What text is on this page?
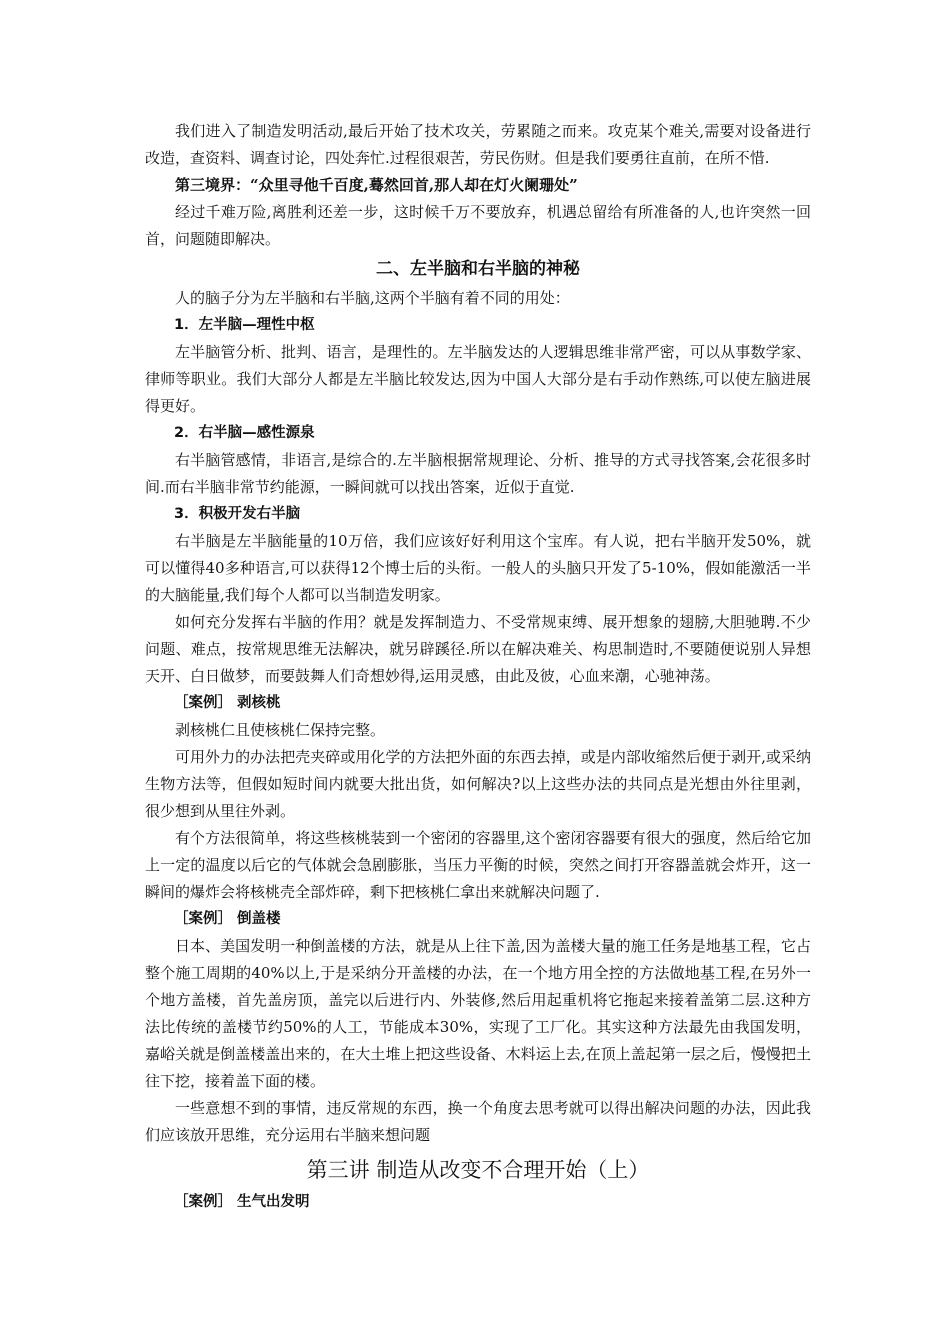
我们进入了制造发明活动,最后开始了技术攻关，劳累随之而来。攻克某个难关,需要对设备进行改造，查资料、调查讨论，四处奔忙.过程很艰苦，劳民伤财。但是我们要勇往直前，在所不惜.

第三境界：“众里寻他千百度,蓦然回首,那人却在灯火阑珊处”

经过千难万险,离胜利还差一步，这时候千万不要放弃，机遇总留给有所准备的人,也许突然一回首，问题随即解决。

二、左半脑和右半脑的神秘

人的脑子分为左半脑和右半脑,这两个半脑有着不同的用处：

1．左半脑—理性中枢

左半脑管分析、批判、语言，是理性的。左半脑发达的人逻辑思维非常严密，可以从事数学家、律师等职业。我们大部分人都是左半脑比较发达,因为中国人大部分是右手动作熟练,可以使左脑进展得更好。

2．右半脑—感性源泉

右半脑管感情，非语言,是综合的.左半脑根据常规理论、分析、推导的方式寻找答案,会花很多时间.而右半脑非常节约能源，一瞬间就可以找出答案，近似于直觉.

3．积极开发右半脑

右半脑是左半脑能量的10万倍，我们应该好好利用这个宝库。有人说，把右半脑开发50%，就可以懂得40多种语言,可以获得12个博士后的头衔。一般人的头脑只开发了5-10%，假如能激活一半的大脑能量,我们每个人都可以当制造发明家。

如何充分发挥右半脑的作用？就是发挥制造力、不受常规束缚、展开想象的翅膀,大胆驰聘.不少问题、难点，按常规思维无法解决，就另辟蹊径.所以在解决难关、构思制造时,不要随便说别人异想天开、白日做梦，而要鼓舞人们奇想妙得,运用灵感，由此及彼，心血来潮，心驰神荡。

［案例］ 剥核桃

剥核桃仁且使核桃仁保持完整。

可用外力的办法把壳夹碎或用化学的方法把外面的东西去掉，或是内部收缩然后便于剥开,或采纳生物方法等，但假如短时间内就要大批出货，如何解决?以上这些办法的共同点是光想由外往里剥，很少想到从里往外剥。

有个方法很简单，将这些核桃装到一个密闭的容器里,这个密闭容器要有很大的强度，然后给它加上一定的温度以后它的气体就会急剧膨胀，当压力平衡的时候，突然之间打开容器盖就会炸开，这一瞬间的爆炸会将核桃壳全部炸碎，剩下把核桃仁拿出来就解决问题了.

［案例］ 倒盖楼

日本、美国发明一种倒盖楼的方法，就是从上往下盖,因为盖楼大量的施工任务是地基工程，它占整个施工周期的40%以上,于是采纳分开盖楼的办法，在一个地方用全控的方法做地基工程,在另外一个地方盖楼，首先盖房顶，盖完以后进行内、外装修,然后用起重机将它拖起来接着盖第二层.这种方法比传统的盖楼节约50%的人工，节能成本30%，实现了工厂化。其实这种方法最先由我国发明，嘉峪关就是倒盖楼盖出来的，在大土堆上把这些设备、木料运上去,在顶上盖起第一层之后，慢慢把土往下挖，接着盖下面的楼。

一些意想不到的事情，违反常规的东西，换一个角度去思考就可以得出解决问题的办法，因此我们应该放开思维，充分运用右半脑来想问题

第三讲 制造从改变不合理开始（上）

［案例］ 生气出发明
